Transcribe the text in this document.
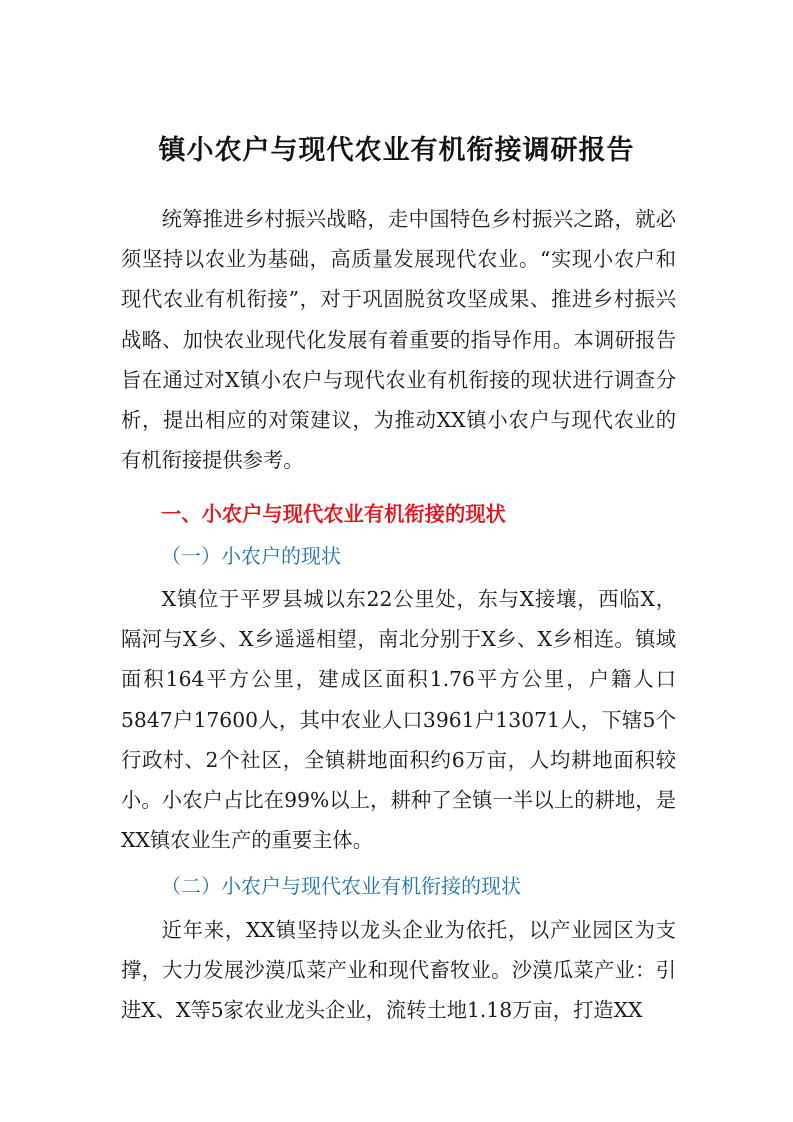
镇小农户与现代农业有机衔接调研报告

统筹推进乡村振兴战略，走中国特色乡村振兴之路，就必须坚持以农业为基础，高质量发展现代农业。“实现小农户和现代农业有机衔接”，对于巩固脱贫攻坚成果、推进乡村振兴战略、加快农业现代化发展有着重要的指导作用。本调研报告旨在通过对X镇小农户与现代农业有机衔接的现状进行调查分析，提出相应的对策建议，为推动XX镇小农户与现代农业的有机衔接提供参考。

一、小农户与现代农业有机衔接的现状
（一）小农户的现状

X镇位于平罗县城以东22公里处，东与X接壤，西临X，隔河与X乡、X乡遥遥相望，南北分别于X乡、X乡相连。镇域面积164平方公里，建成区面积1.76平方公里，户籍人口5847户17600人，其中农业人口3961户13071人，下辖5个行政村、2个社区，全镇耕地面积约6万亩，人均耕地面积较小。小农户占比在99%以上，耕种了全镇一半以上的耕地，是XX镇农业生产的重要主体。

（二）小农户与现代农业有机衔接的现状

近年来，XX镇坚持以龙头企业为依托，以产业园区为支撑，大力发展沙漠瓜菜产业和现代畜牧业。沙漠瓜菜产业：引进X、X等5家农业龙头企业，流转土地1.18万亩，打造XX
